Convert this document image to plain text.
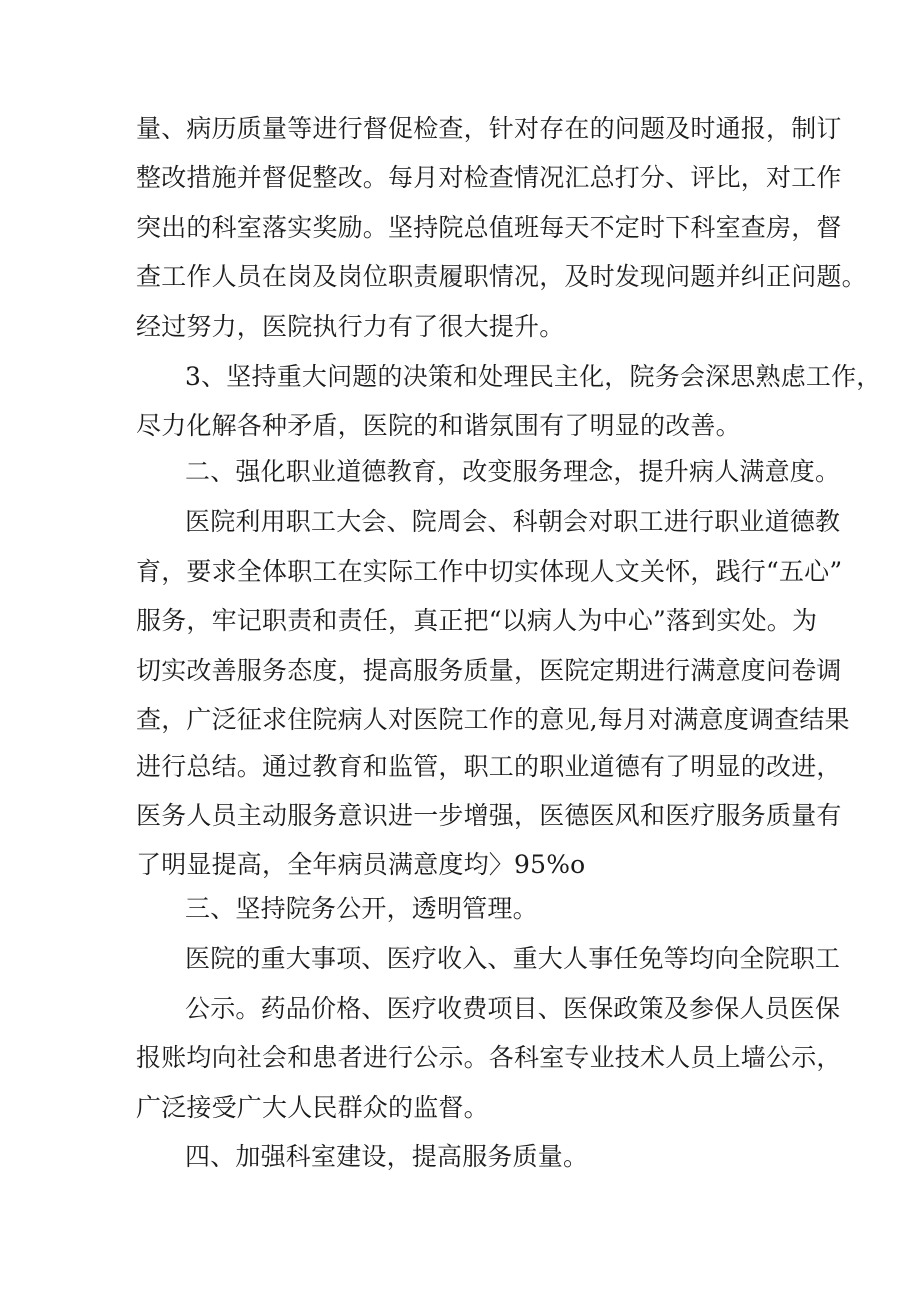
量、病历质量等进行督促检查，针对存在的问题及时通报，制订
整改措施并督促整改。每月对检查情况汇总打分、评比，对工作
突出的科室落实奖励。坚持院总值班每天不定时下科室查房，督
查工作人员在岗及岗位职责履职情况，及时发现问题并纠正问题。
经过努力，医院执行力有了很大提升。
3、坚持重大问题的决策和处理民主化，院务会深思熟虑工作，
尽力化解各种矛盾，医院的和谐氛围有了明显的改善。
二、强化职业道德教育，改变服务理念，提升病人满意度。
医院利用职工大会、院周会、科朝会对职工进行职业道德教
育，要求全体职工在实际工作中切实体现人文关怀，践行“五心”
服务，牢记职责和责任，真正把“以病人为中心”落到实处。为
切实改善服务态度，提高服务质量，医院定期进行满意度问卷调
查，广泛征求住院病人对医院工作的意见,每月对满意度调查结果
进行总结。通过教育和监管，职工的职业道德有了明显的改进，
医务人员主动服务意识进一步增强，医德医风和医疗服务质量有
了明显提高，全年病员满意度均〉95%o
三、坚持院务公开，透明管理。
医院的重大事项、医疗收入、重大人事任免等均向全院职工
公示。药品价格、医疗收费项目、医保政策及参保人员医保
报账均向社会和患者进行公示。各科室专业技术人员上墙公示，
广泛接受广大人民群众的监督。
四、加强科室建设，提高服务质量。
